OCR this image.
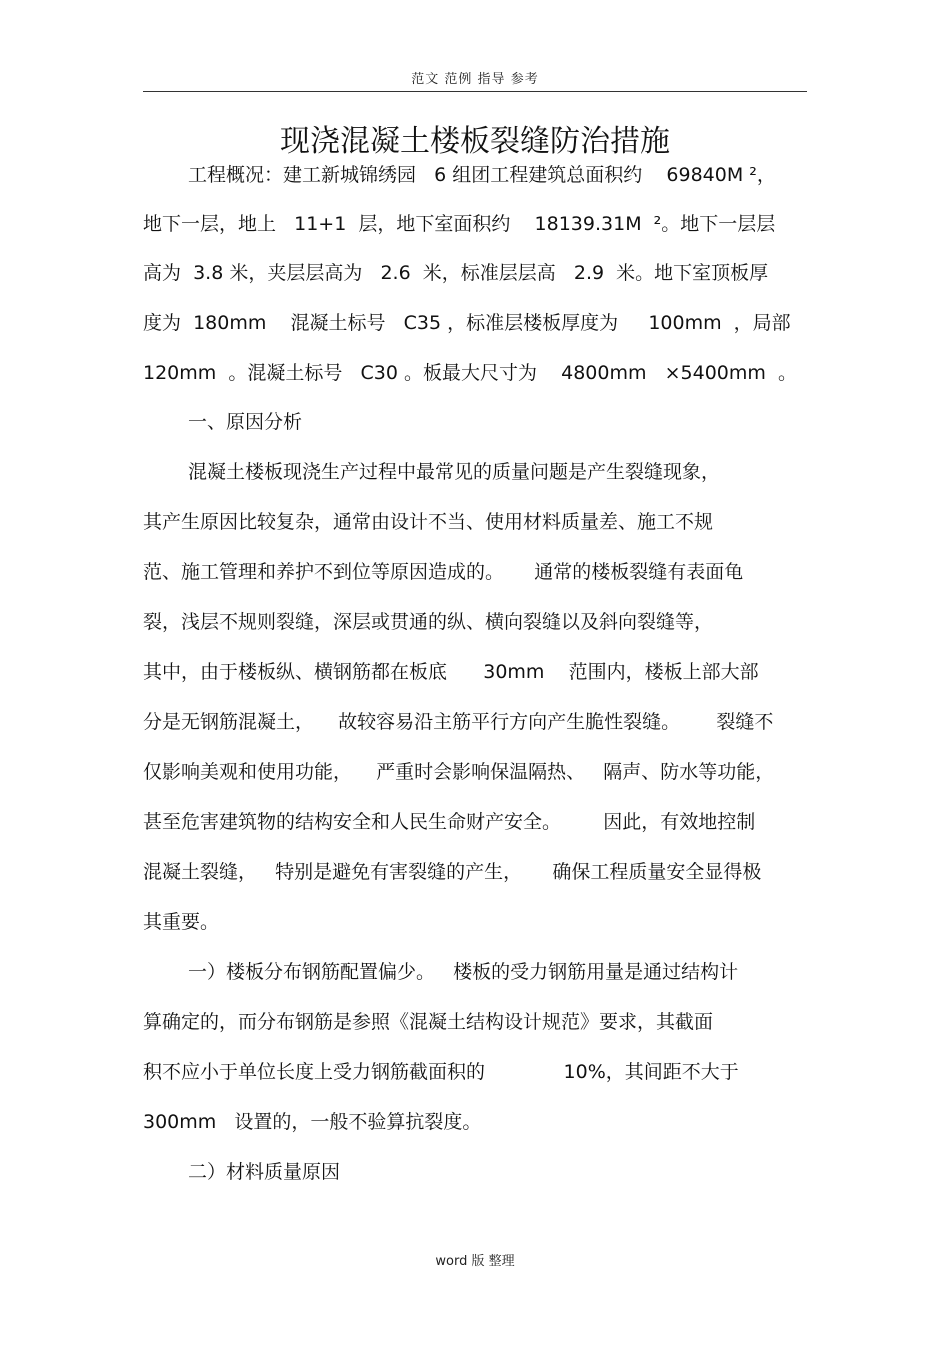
范文 范例 指导 参考
现浇混凝土楼板裂缝防治措施
工程概况：建工新城锦绣园   6 组团工程建筑总面积约    69840M ²，
地下一层，地上   11+1  层，地下室面积约    18139.31M  ²。地下一层层
高为  3.8 米，夹层层高为   2.6  米，标准层层高   2.9  米。地下室顶板厚
度为  180mm    混凝土标号   C35 ，标准层楼板厚度为     100mm  ，局部
120mm  。混凝土标号   C30 。板最大尺寸为    4800mm   ×5400mm  。
一、原因分析
混凝土楼板现浇生产过程中最常见的质量问题是产生裂缝现象，
其产生原因比较复杂，通常由设计不当、使用材料质量差、施工不规
范、施工管理和养护不到位等原因造成的。     通常的楼板裂缝有表面龟
裂，浅层不规则裂缝，深层或贯通的纵、横向裂缝以及斜向裂缝等，
其中，由于楼板纵、横钢筋都在板底      30mm    范围内，楼板上部大部
分是无钢筋混凝土，    故较容易沿主筋平行方向产生脆性裂缝。      裂缝不
仅影响美观和使用功能，    严重时会影响保温隔热、   隔声、防水等功能，
甚至危害建筑物的结构安全和人民生命财产安全。       因此，有效地控制
混凝土裂缝，   特别是避免有害裂缝的产生，     确保工程质量安全显得极
其重要。
一）楼板分布钢筋配置偏少。   楼板的受力钢筋用量是通过结构计
算确定的，而分布钢筋是参照《混凝土结构设计规范》要求，其截面
积不应小于单位长度上受力钢筋截面积的             10%，其间距不大于
300mm   设置的，一般不验算抗裂度。
二）材料质量原因
word 版 整理
